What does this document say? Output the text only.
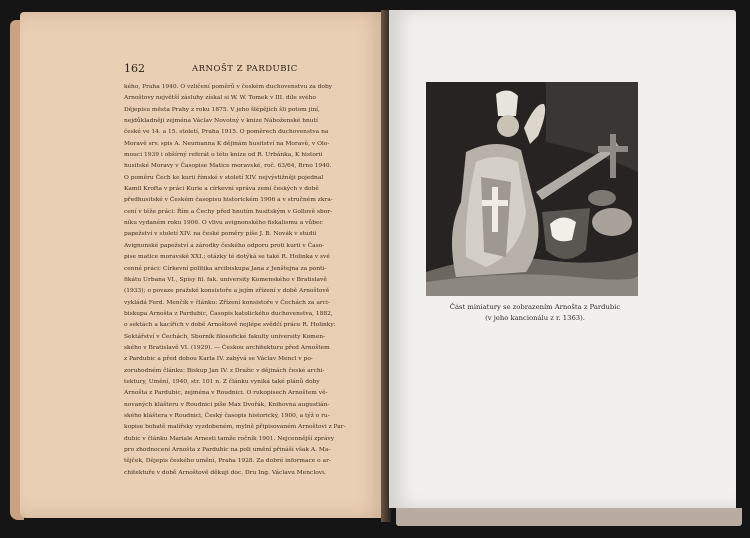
162	ARNOŠT Z PARDUBIC
kého, Praha 1940. O vzličení poměrů v českém duchovenstvu za doby
Arnoštovy největší zásluhy získal si W. W. Tomek v III. díle svého
Dějepisu města Prahy z roku 1875. V jeho šlépějích šli potom jiní,
nejdůkladněji zejména Václav Novotný v knize Náboženské hnutí
české ve 14. a 15. století, Praha 1915. O poměrech duchovenstva na
Moravě srv. spis A. Neumanna K dějinám husitství na Moravě, v Olo-
mouci 1939 i obšírný referát o této knize od R. Urbánka, K historii
husitské Moravy v Časopise Matice moravské, roč. 63/64, Brno 1940.
O poměru Čech ke kurii římské v století XIV. nejvýstižněji pojednal
Kamil Krofta v práci Kurie a církevní správa zemí českých v době
předhusitské v Českém časopisu historickém 1906 a v stručném zkra-
cení v téže práci: Řím a Čechy před hnutím husitským v Gollově sbor-
níku vydaném roku 1906. O vlivu avignonského fiskalismu a vůbec
papežství v století XIV. na české poměry píše J. B. Novák v studii
Avignonské papežství a zárodky českého odporu proti kurii v Časo-
pise matice moravské XXI.; otázky té dotýká se také R. Holinka v své
cenné práci: Církevní politika arcibiskupa Jana z Jenštejna za ponti-
fikátu Urbana VI., Spisy fil. fak. university Komenského v Bratislavě
(1933); o povaze pražské konsistoře a jejím zřízení v době Arnoštově
vykládá Ferd. Menčík v článku: Zřízení konsistoře v Čechách za arci-
biskupa Arnošta z Pardubic, Časopis katolického duchovenstva, 1882,
o sektách a kacířích v době Arnoštově nejlépe svědčí práce R. Holinky:
Sektářství v Čechách, Sborník filosofické fakulty university Komen-
ského v Bratislavě VI. (1929). — Českou architekturu před Arnoštem
z Pardubic a před dobou Karla IV. zabývá se Václav Mencl v po-
zoruhodném článku: Biskup Jan IV. z Dražic v dějinách české archi-
tektury, Umění, 1940, str. 101 n. Z článku vyniká také plánů doby
Arnošta z Pardubic, zejména v Roudnici. O rukopisech Arnoštem vě-
novaných klášteru v Roudnici píše Max Dvořák, Knihovna augustián-
ského kláštera v Roudnici, Český časopis historický, 1900, a týž o ru-
kopise bohatě malířsky vyzdobeném, mylně připisovaném Arnoštovi z Par-
dubic v článku Mariale Arnesti tamže ročník 1901. Nejcennější zprávy
pro zhodnocení Arnošta z Pardubic na poli umění přináší však A. Ma-
tějček, Dějepis českého umění, Praha 1928. Za dobré informace o ar-
chitektuře v době Arnoštově děkuji doc. Dru Ing. Václavu Menclovi.
Část miniatury se zobrazením Arnošta z Pardubic
(v jeho kancionálu z r. 1363).
